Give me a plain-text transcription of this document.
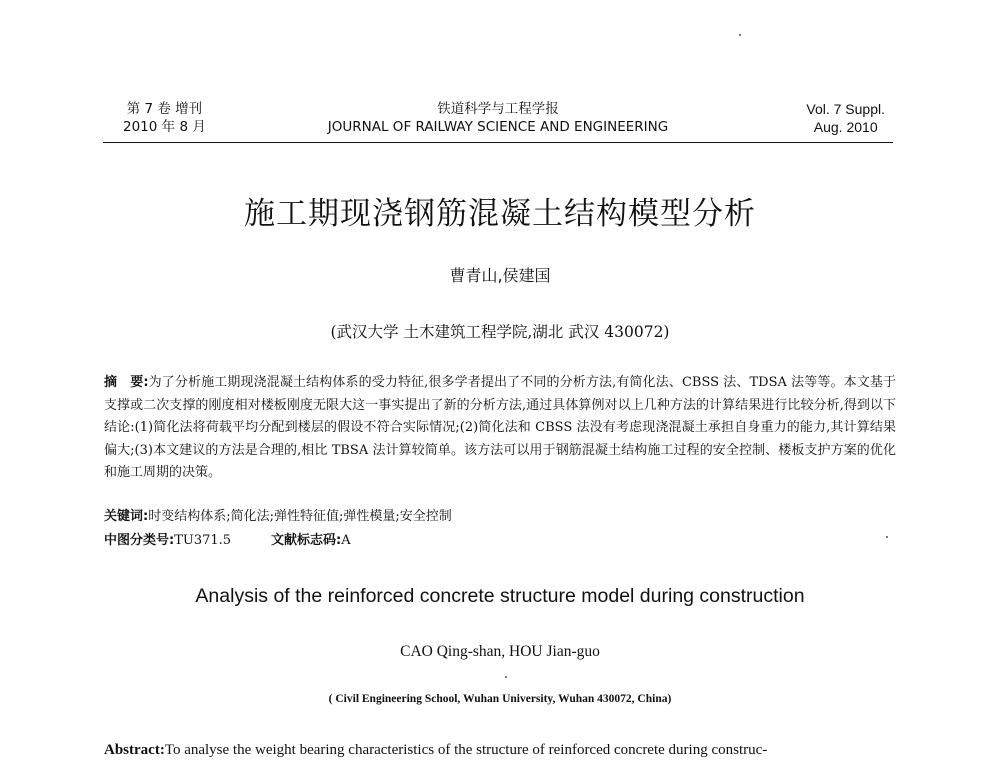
第 7 卷 增刊
2010 年 8 月
铁道科学与工程学报
JOURNAL OF RAILWAY SCIENCE AND ENGINEERING
Vol. 7 Suppl.
Aug. 2010
施工期现浇钢筋混凝土结构模型分析
曹青山,侯建国
(武汉大学 土木建筑工程学院,湖北 武汉 430072)
摘　要:为了分析施工期现浇混凝土结构体系的受力特征,很多学者提出了不同的分析方法,有简化法、CBSS 法、TDSA 法等等。本文基于支撑或二次支撑的刚度相对楼板刚度无限大这一事实提出了新的分析方法,通过具体算例对以上几种方法的计算结果进行比较分析,得到以下结论:(1)简化法将荷载平均分配到楼层的假设不符合实际情况;(2)简化法和 CBSS 法没有考虑现浇混凝土承担自身重力的能力,其计算结果偏大;(3)本文建议的方法是合理的,相比 TBSA 法计算较简单。该方法可以用于钢筋混凝土结构施工过程的安全控制、楼板支护方案的优化和施工周期的决策。
关键词:时变结构体系;简化法;弹性特征值;弹性模量;安全控制
中图分类号:TU371.5	文献标志码:A
Analysis of the reinforced concrete structure model during construction
CAO Qing-shan, HOU Jian-guo
( Civil Engineering School, Wuhan University, Wuhan 430072, China)
Abstract:To analyse the weight bearing characteristics of the structure of reinforced concrete during construc-
